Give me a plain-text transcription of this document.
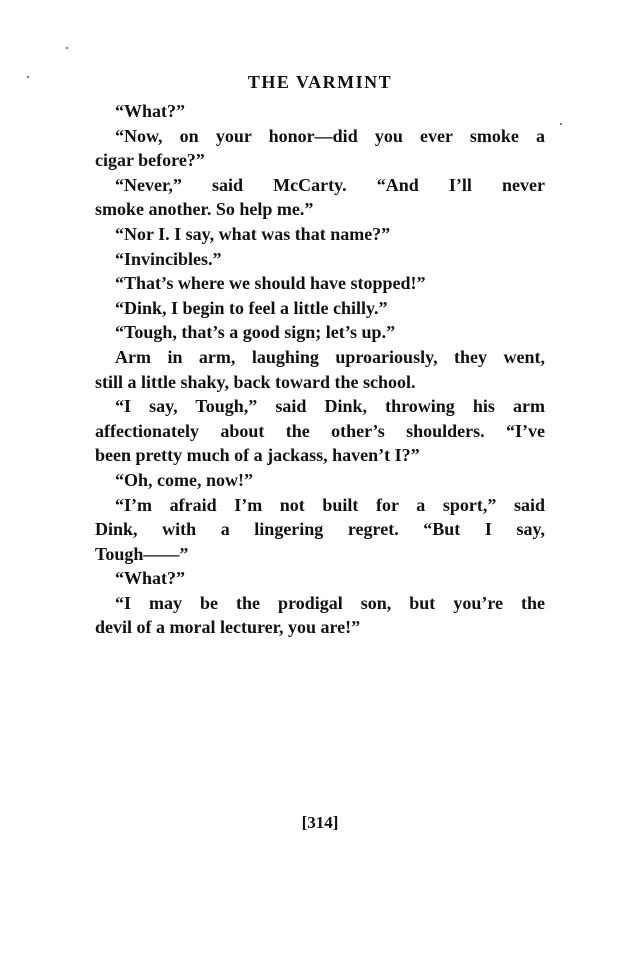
THE VARMINT
“What?”
“Now, on your honor—did you ever smoke a
cigar before?”
“Never,” said McCarty. “And I’ll never
smoke another. So help me.”
“Nor I. I say, what was that name?”
“Invincibles.”
“That’s where we should have stopped!”
“Dink, I begin to feel a little chilly.”
“Tough, that’s a good sign; let’s up.”
Arm in arm, laughing uproariously, they went,
still a little shaky, back toward the school.
“I say, Tough,” said Dink, throwing his arm
affectionately about the other’s shoulders. “I’ve
been pretty much of a jackass, haven’t I?”
“Oh, come, now!”
“I’m afraid I’m not built for a sport,” said
Dink, with a lingering regret. “But I say,
Tough——”
“What?”
“I may be the prodigal son, but you’re the
devil of a moral lecturer, you are!”
[314]
